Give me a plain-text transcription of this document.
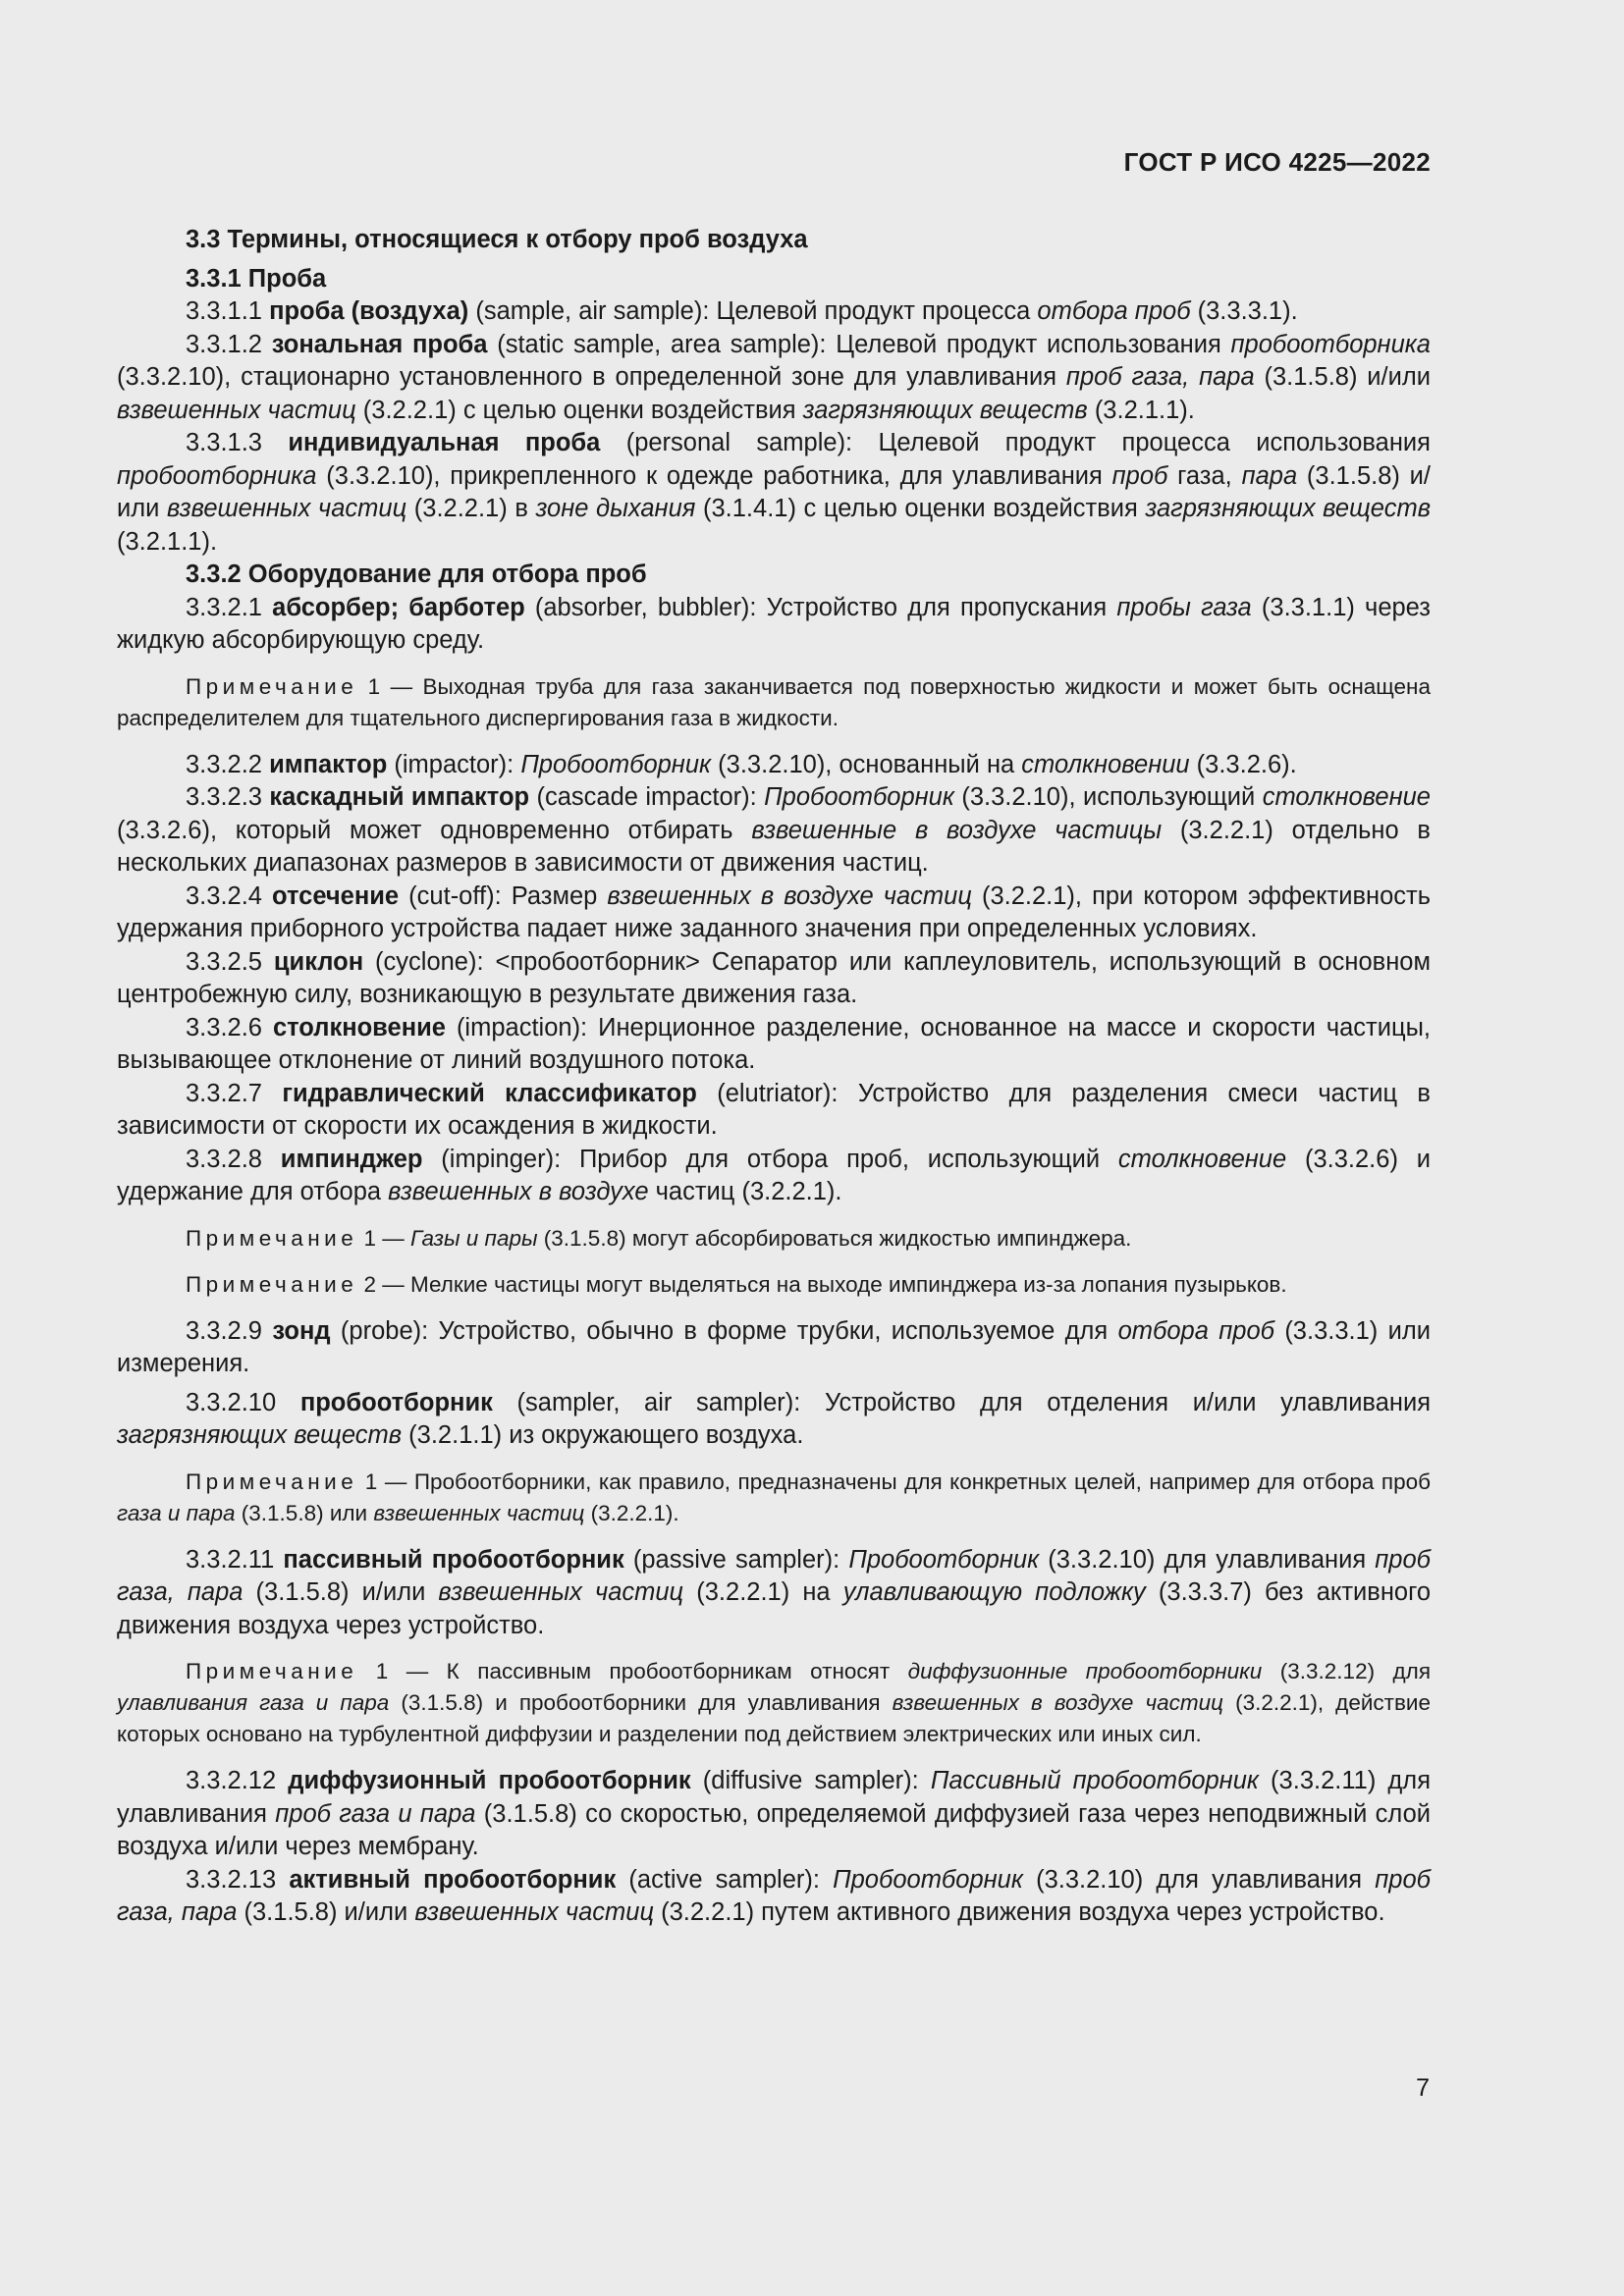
ГОСТ Р ИСО 4225—2022

3.3 Термины, относящиеся к отбору проб воздуха

3.3.1 Проба

3.3.1.1 проба (воздуха) (sample, air sample): Целевой продукт процесса отбора проб (3.3.3.1).

3.3.1.2 зональная проба (static sample, area sample): Целевой продукт использования пробоотборника (3.3.2.10), стационарно установленного в определенной зоне для улавливания проб газа, пара (3.1.5.8) и/или взвешенных частиц (3.2.2.1) с целью оценки воздействия загрязняющих веществ (3.2.1.1).

3.3.1.3 индивидуальная проба (personal sample): Целевой продукт процесса использования пробоотборника (3.3.2.10), прикрепленного к одежде работника, для улавливания проб газа, пара (3.1.5.8) и/или взвешенных частиц (3.2.2.1) в зоне дыхания (3.1.4.1) с целью оценки воздействия загрязняющих веществ (3.2.1.1).

3.3.2 Оборудование для отбора проб

3.3.2.1 абсорбер; барботер (absorber, bubbler): Устройство для пропускания пробы газа (3.3.1.1) через жидкую абсорбирующую среду.

Примечание 1 — Выходная труба для газа заканчивается под поверхностью жидкости и может быть оснащена распределителем для тщательного диспергирования газа в жидкости.

3.3.2.2 импактор (impactor): Пробоотборник (3.3.2.10), основанный на столкновении (3.3.2.6).

3.3.2.3 каскадный импактор (cascade impactor): Пробоотборник (3.3.2.10), использующий столкновение (3.3.2.6), который может одновременно отбирать взвешенные в воздухе частицы (3.2.2.1) отдельно в нескольких диапазонах размеров в зависимости от движения частиц.

3.3.2.4 отсечение (cut-off): Размер взвешенных в воздухе частиц (3.2.2.1), при котором эффективность удержания приборного устройства падает ниже заданного значения при определенных условиях.

3.3.2.5 циклон (cyclone): <пробоотборник> Сепаратор или каплеуловитель, использующий в основном центробежную силу, возникающую в результате движения газа.

3.3.2.6 столкновение (impaction): Инерционное разделение, основанное на массе и скорости частицы, вызывающее отклонение от линий воздушного потока.

3.3.2.7 гидравлический классификатор (elutriator): Устройство для разделения смеси частиц в зависимости от скорости их осаждения в жидкости.

3.3.2.8 импинджер (impinger): Прибор для отбора проб, использующий столкновение (3.3.2.6) и удержание для отбора взвешенных в воздухе частиц (3.2.2.1).

Примечание 1 — Газы и пары (3.1.5.8) могут абсорбироваться жидкостью импинджера.

Примечание 2 — Мелкие частицы могут выделяться на выходе импинджера из-за лопания пузырьков.

3.3.2.9 зонд (probe): Устройство, обычно в форме трубки, используемое для отбора проб (3.3.3.1) или измерения.

3.3.2.10 пробоотборник (sampler, air sampler): Устройство для отделения и/или улавливания загрязняющих веществ (3.2.1.1) из окружающего воздуха.

Примечание 1 — Пробоотборники, как правило, предназначены для конкретных целей, например для отбора проб газа и пара (3.1.5.8) или взвешенных частиц (3.2.2.1).

3.3.2.11 пассивный пробоотборник (passive sampler): Пробоотборник (3.3.2.10) для улавливания проб газа, пара (3.1.5.8) и/или взвешенных частиц (3.2.2.1) на улавливающую подложку (3.3.3.7) без активного движения воздуха через устройство.

Примечание 1 — К пассивным пробоотборникам относят диффузионные пробоотборники (3.3.2.12) для улавливания газа и пара (3.1.5.8) и пробоотборники для улавливания взвешенных в воздухе частиц (3.2.2.1), действие которых основано на турбулентной диффузии и разделении под действием электрических или иных сил.

3.3.2.12 диффузионный пробоотборник (diffusive sampler): Пассивный пробоотборник (3.3.2.11) для улавливания проб газа и пара (3.1.5.8) со скоростью, определяемой диффузией газа через неподвижный слой воздуха и/или через мембрану.

3.3.2.13 активный пробоотборник (active sampler): Пробоотборник (3.3.2.10) для улавливания проб газа, пара (3.1.5.8) и/или взвешенных частиц (3.2.2.1) путем активного движения воздуха через устройство.

7
